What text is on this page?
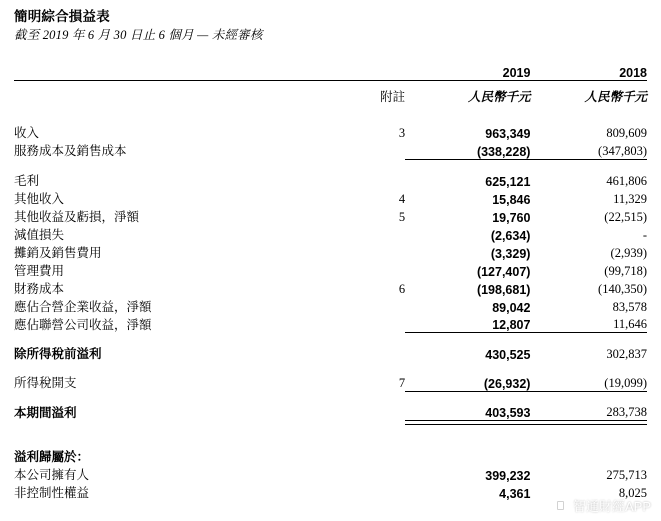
簡明綜合損益表
截至 2019 年 6 月 30 日止 6 個月 — 未經審核
		2019	2018

	附註	人民幣千元	人民幣千元

收入	3	963,349	809,609
服務成本及銷售成本		(338,228)	(347,803)

毛利		625,121	461,806
其他收入	4	15,846	11,329
其他收益及虧損，淨額	5	19,760	(22,515)
減值損失		(2,634)	-
攤銷及銷售費用		(3,329)	(2,939)
管理費用		(127,407)	(99,718)
財務成本	6	(198,681)	(140,350)
應佔合營企業收益，淨額		89,042	83,578
應佔聯營公司收益，淨額		12,807	11,646

除所得稅前溢利		430,525	302,837

所得稅開支	7	(26,932)	(19,099)

本期間溢利		403,593	283,738

溢利歸屬於：			
本公司擁有人		399,232	275,713
非控制性權益		4,361	8,025
智通財經APP
